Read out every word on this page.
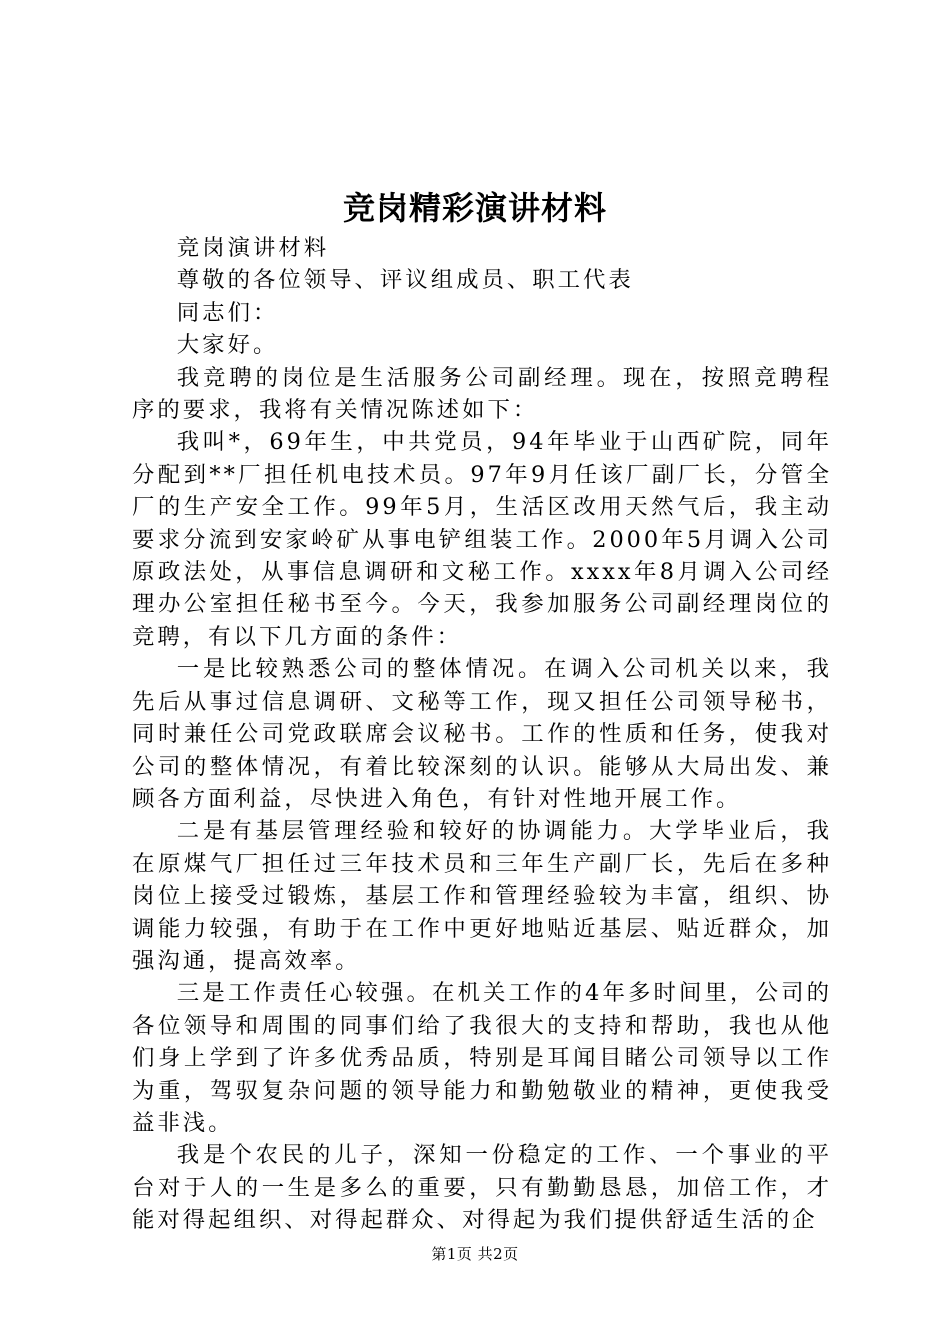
竞岗精彩演讲材料

竞岗演讲材料

尊敬的各位领导、评议组成员、职工代表

同志们：

大家好。

我竞聘的岗位是生活服务公司副经理。现在，按照竞聘程序的要求，我将有关情况陈述如下：

我叫*，69年生，中共党员，94年毕业于山西矿院，同年分配到**厂担任机电技术员。97年9月任该厂副厂长，分管全厂的生产安全工作。99年5月，生活区改用天然气后，我主动要求分流到安家岭矿从事电铲组装工作。2000年5月调入公司原政法处，从事信息调研和文秘工作。xxxx年8月调入公司经理办公室担任秘书至今。今天，我参加服务公司副经理岗位的竞聘，有以下几方面的条件：

一是比较熟悉公司的整体情况。在调入公司机关以来，我先后从事过信息调研、文秘等工作，现又担任公司领导秘书，同时兼任公司党政联席会议秘书。工作的性质和任务，使我对公司的整体情况，有着比较深刻的认识。能够从大局出发、兼顾各方面利益，尽快进入角色，有针对性地开展工作。

二是有基层管理经验和较好的协调能力。大学毕业后，我在原煤气厂担任过三年技术员和三年生产副厂长，先后在多种岗位上接受过锻炼，基层工作和管理经验较为丰富，组织、协调能力较强，有助于在工作中更好地贴近基层、贴近群众，加强沟通，提高效率。

三是工作责任心较强。在机关工作的4年多时间里，公司的各位领导和周围的同事们给了我很大的支持和帮助，我也从他们身上学到了许多优秀品质，特别是耳闻目睹公司领导以工作为重，驾驭复杂问题的领导能力和勤勉敬业的精神，更使我受益非浅。

我是个农民的儿子，深知一份稳定的工作、一个事业的平台对于人的一生是多么的重要，只有勤勤恳恳，加倍工作，才能对得起组织、对得起群众、对得起为我们提供舒适生活的企

第1页 共2页
